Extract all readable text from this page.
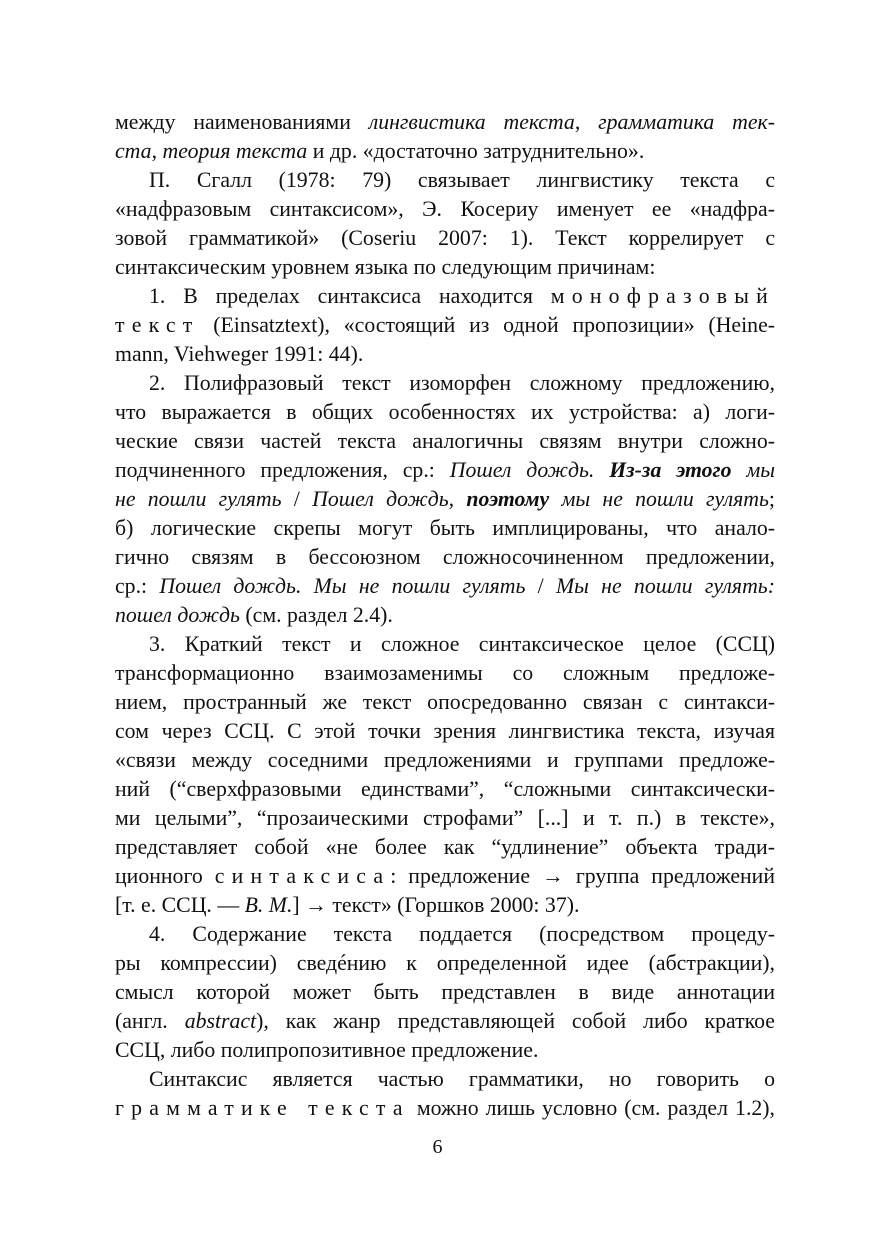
между наименованиями лингвистика текста, грамматика тек-
ста, теория текста и др. «достаточно затруднительно».
П. Сгалл (1978: 79) связывает лингвистику текста с
«надфразовым синтаксисом», Э. Косериу именует ее «надфра-
зовой грамматикой» (Coseriu 2007: 1). Текст коррелирует с
синтаксическим уровнем языка по следующим причинам:
1. В пределах синтаксиса находится монофразовый
текст (Einsatztext), «состоящий из одной пропозиции» (Heine-
mann, Viehweger 1991: 44).
2. Полифразовый текст изоморфен сложному предложению,
что выражается в общих особенностях их устройства: а) логи-
ческие связи частей текста аналогичны связям внутри сложно-
подчиненного предложения, ср.: Пошел дождь. Из-за этого мы
не пошли гулять / Пошел дождь, поэтому мы не пошли гулять;
б) логические скрепы могут быть имплицированы, что анало-
гично связям в бессоюзном сложносочиненном предложении,
ср.: Пошел дождь. Мы не пошли гулять / Мы не пошли гулять:
пошел дождь (см. раздел 2.4).
3. Краткий текст и сложное синтаксическое целое (ССЦ)
трансформационно взаимозаменимы со сложным предложе-
нием, пространный же текст опосредованно связан с синтакси-
сом через ССЦ. С этой точки зрения лингвистика текста, изучая
«связи между соседними предложениями и группами предложе-
ний (“сверхфразовыми единствами”, “сложными синтаксически-
ми целыми”, “прозаическими строфами” [...] и т. п.) в тексте»,
представляет собой «не более как “удлинение” объекта тради-
ционного синтаксиса: предложение → группа предложений
[т. е. ССЦ. — В. М.] → текст» (Горшков 2000: 37).
4. Содержание текста поддается (посредством процеду-
ры компрессии) сведéнию к определенной идее (абстракции),
смысл которой может быть представлен в виде аннотации
(англ. abstract), как жанр представляющей собой либо краткое
ССЦ, либо полипропозитивное предложение.
Синтаксис является частью грамматики, но говорить о
грамматике текста можно лишь условно (см. раздел 1.2),
6
